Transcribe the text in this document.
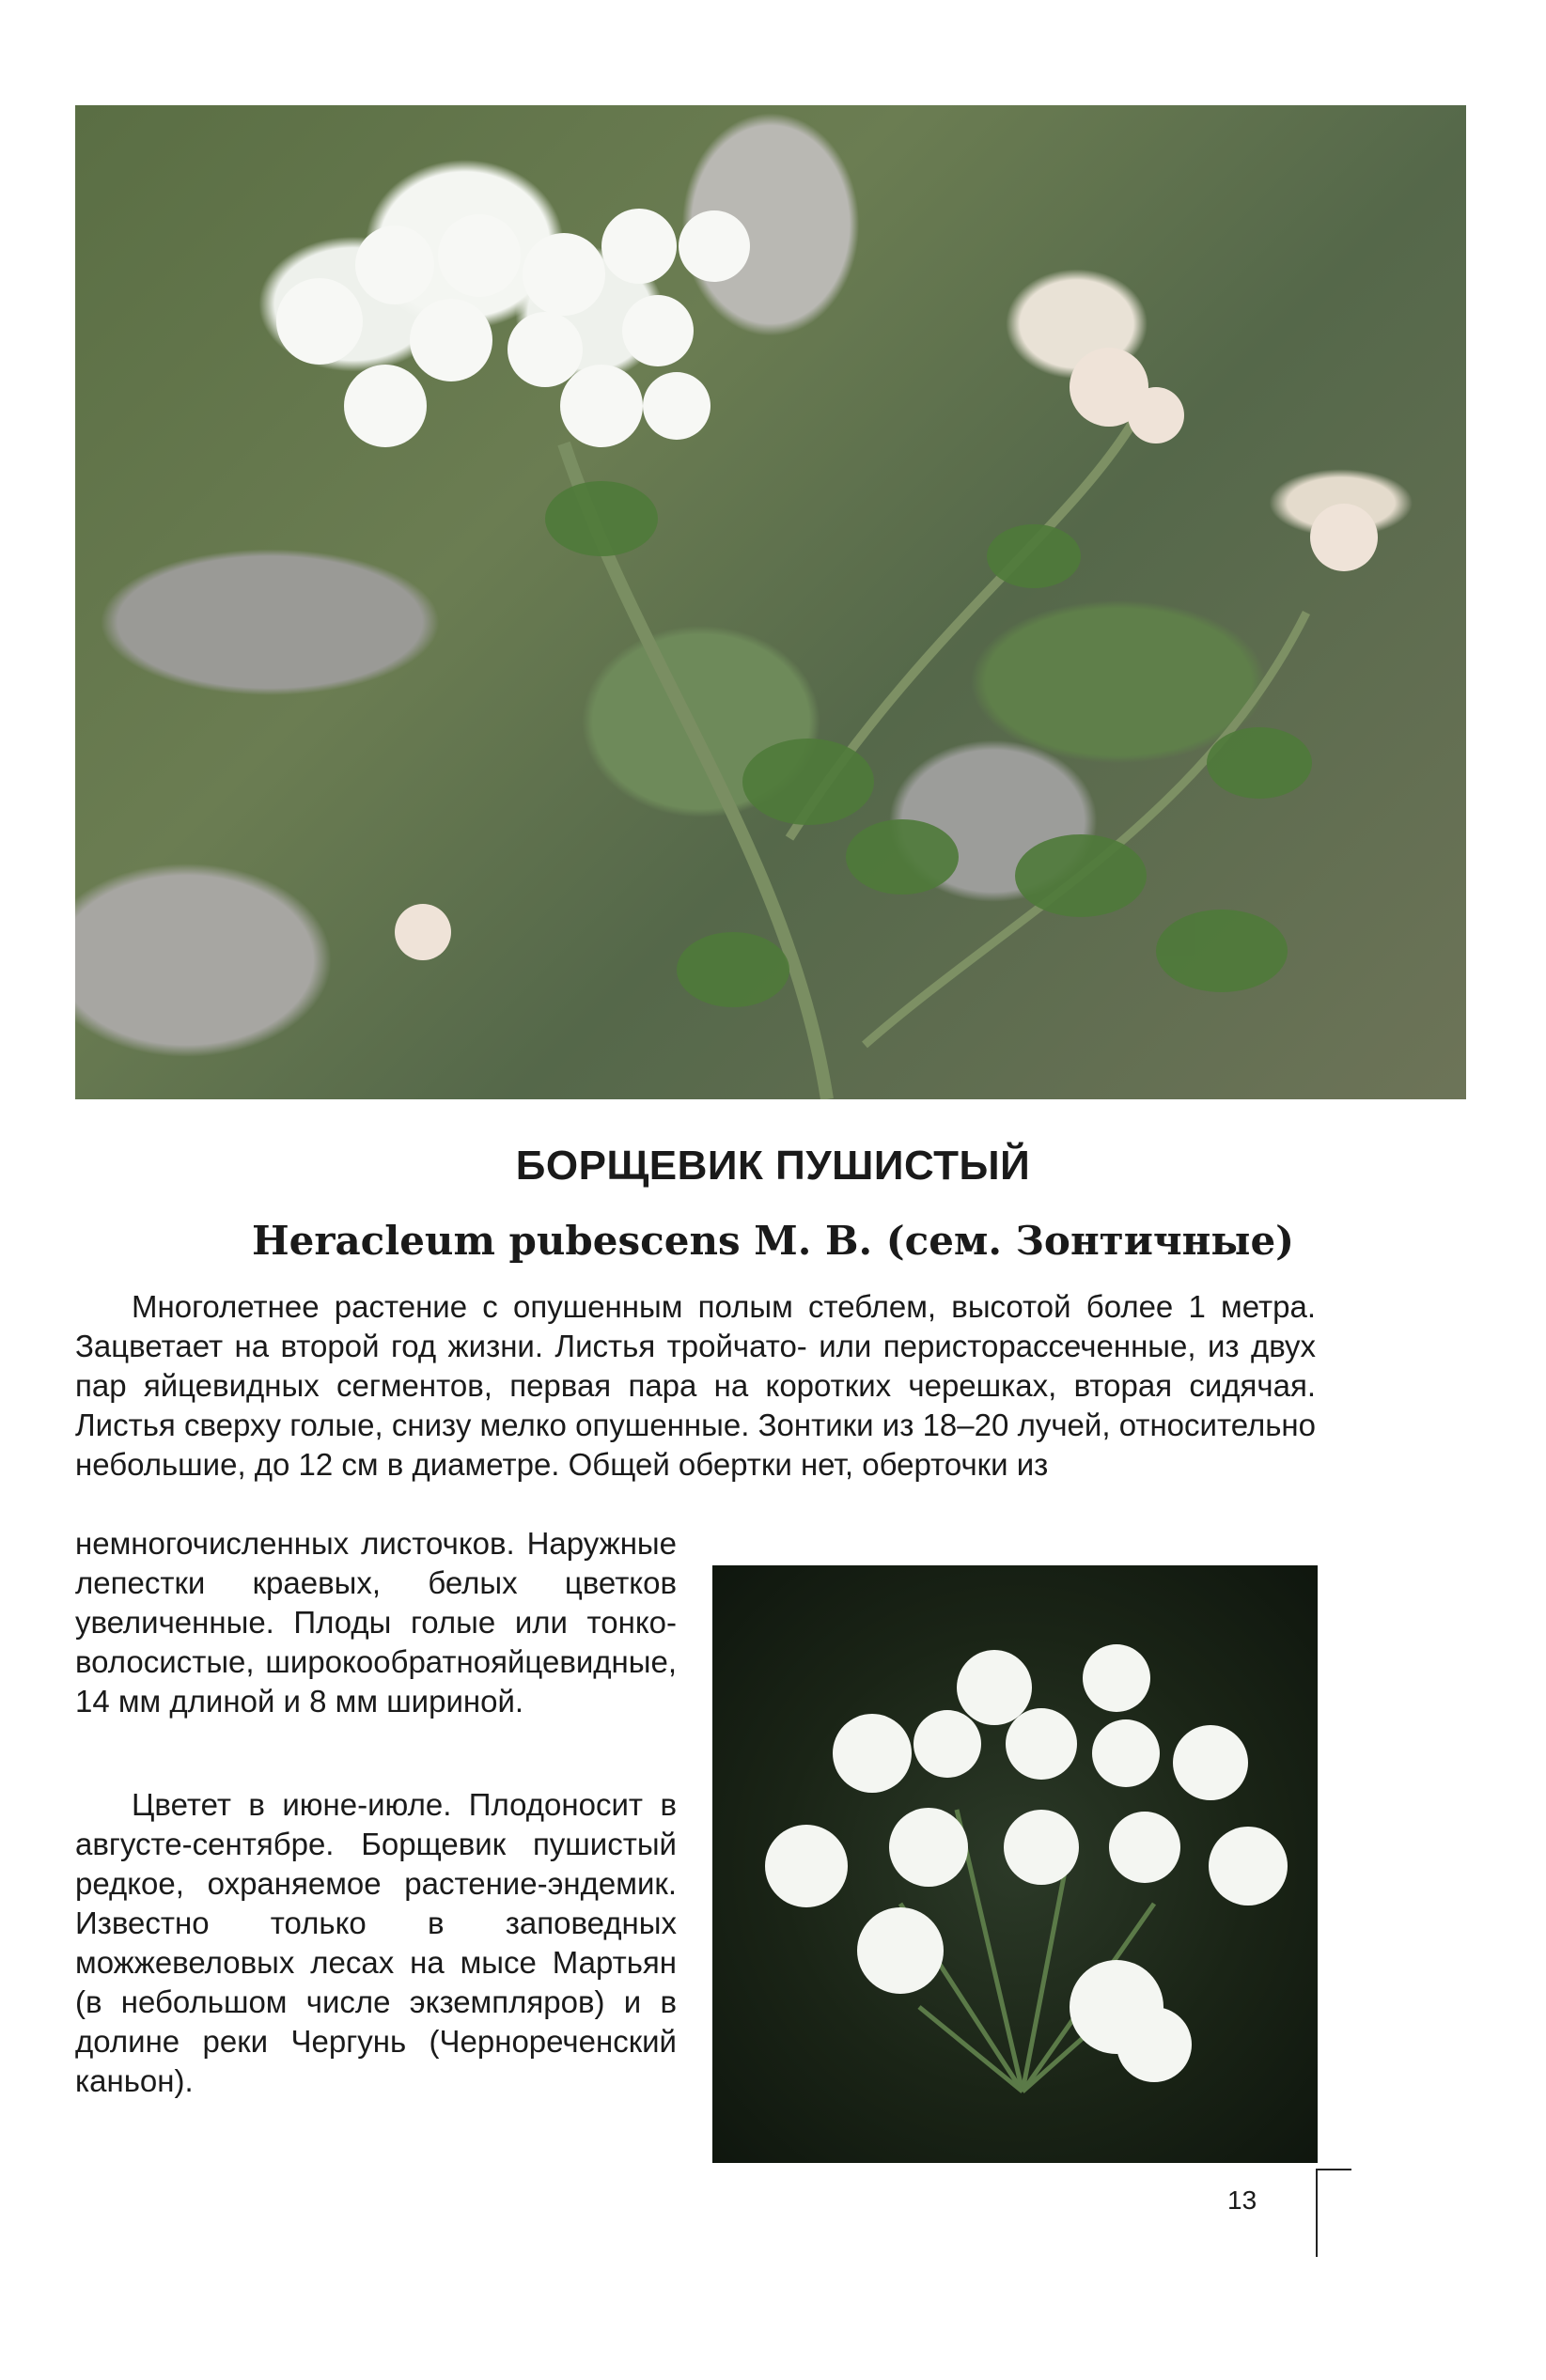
БОРЩЕВИК ПУШИСТЫЙ
Heracleum pubescens M. B. (сем. Зонтичные)

Многолетнее растение с опушенным полым стеблем, высотой более 1 метра. Зацветает на второй год жизни. Листья тройчато- или перисторассеченные, из двух пар яйцевидных сегментов, первая пара на коротких черешках, вторая сидячая. Листья сверху голые, снизу мелко опушенные. Зонтики из 18–20 лучей, относительно небольшие, до 12 см в диаметре. Общей обертки нет, оберточки из

немногочисленных листочков. Наружные лепестки краевых, белых цветков увеличенные. Плоды голые или тонко-волосистые, широкообратнояйцевидные, 14 мм длиной и 8 мм шириной.

Цветет в июне-июле. Плодоносит в августе-сентябре. Борщевик пушистый редкое, охраняемое растение-эндемик. Известно только в заповедных можжевеловых лесах на мысе Мартьян (в небольшом числе экземпляров) и в долине реки Чергунь (Чернореченский каньон).

13
